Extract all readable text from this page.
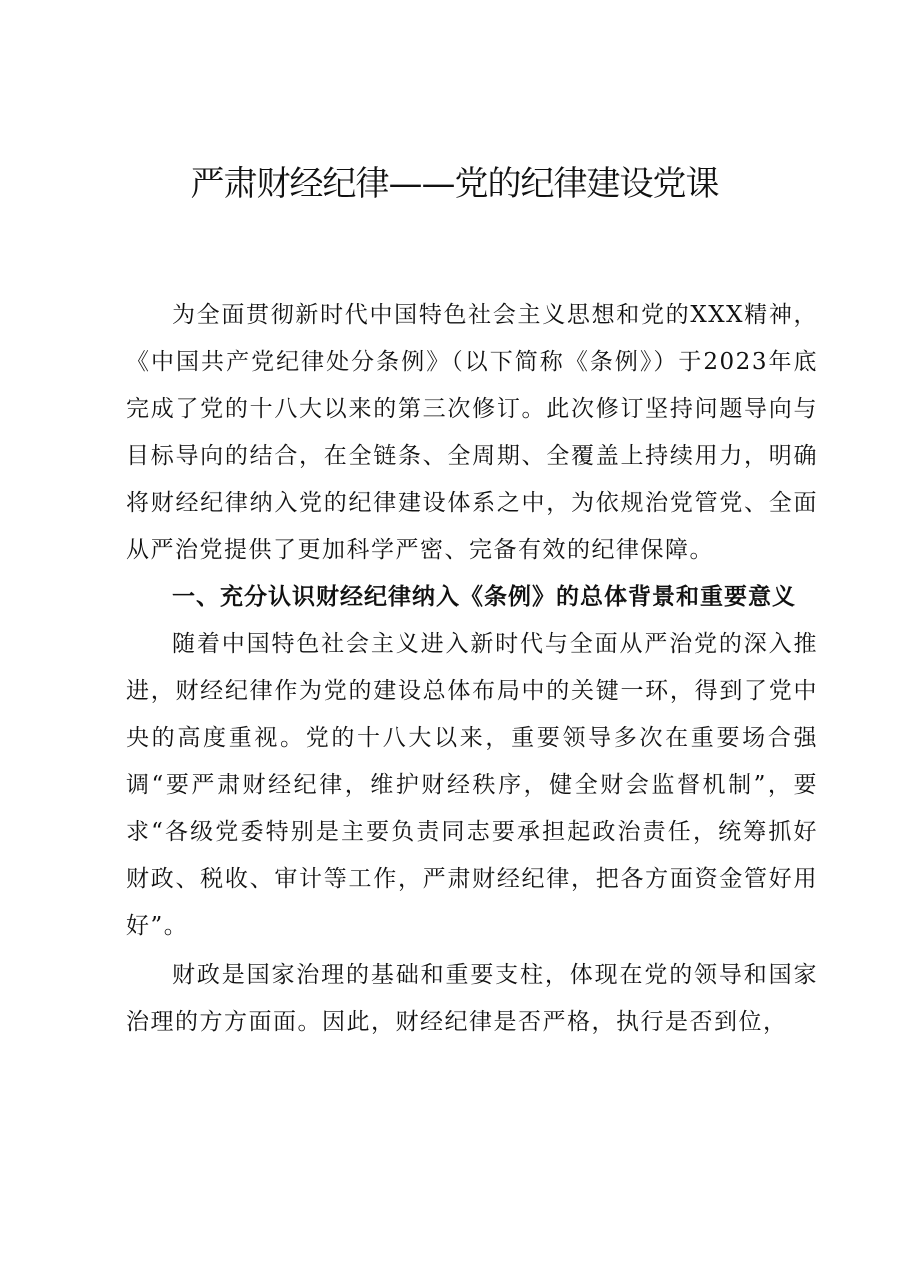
严肃财经纪律——党的纪律建设党课

为全面贯彻新时代中国特色社会主义思想和党的XXX精神，《中国共产党纪律处分条例》（以下简称《条例》）于2023年底完成了党的十八大以来的第三次修订。此次修订坚持问题导向与目标导向的结合，在全链条、全周期、全覆盖上持续用力，明确将财经纪律纳入党的纪律建设体系之中，为依规治党管党、全面从严治党提供了更加科学严密、完备有效的纪律保障。

一、充分认识财经纪律纳入《条例》的总体背景和重要意义

随着中国特色社会主义进入新时代与全面从严治党的深入推进，财经纪律作为党的建设总体布局中的关键一环，得到了党中央的高度重视。党的十八大以来，重要领导多次在重要场合强调“要严肃财经纪律，维护财经秩序，健全财会监督机制”，要求“各级党委特别是主要负责同志要承担起政治责任，统筹抓好财政、税收、审计等工作，严肃财经纪律，把各方面资金管好用好”。

财政是国家治理的基础和重要支柱，体现在党的领导和国家治理的方方面面。因此，财经纪律是否严格，执行是否到位，
